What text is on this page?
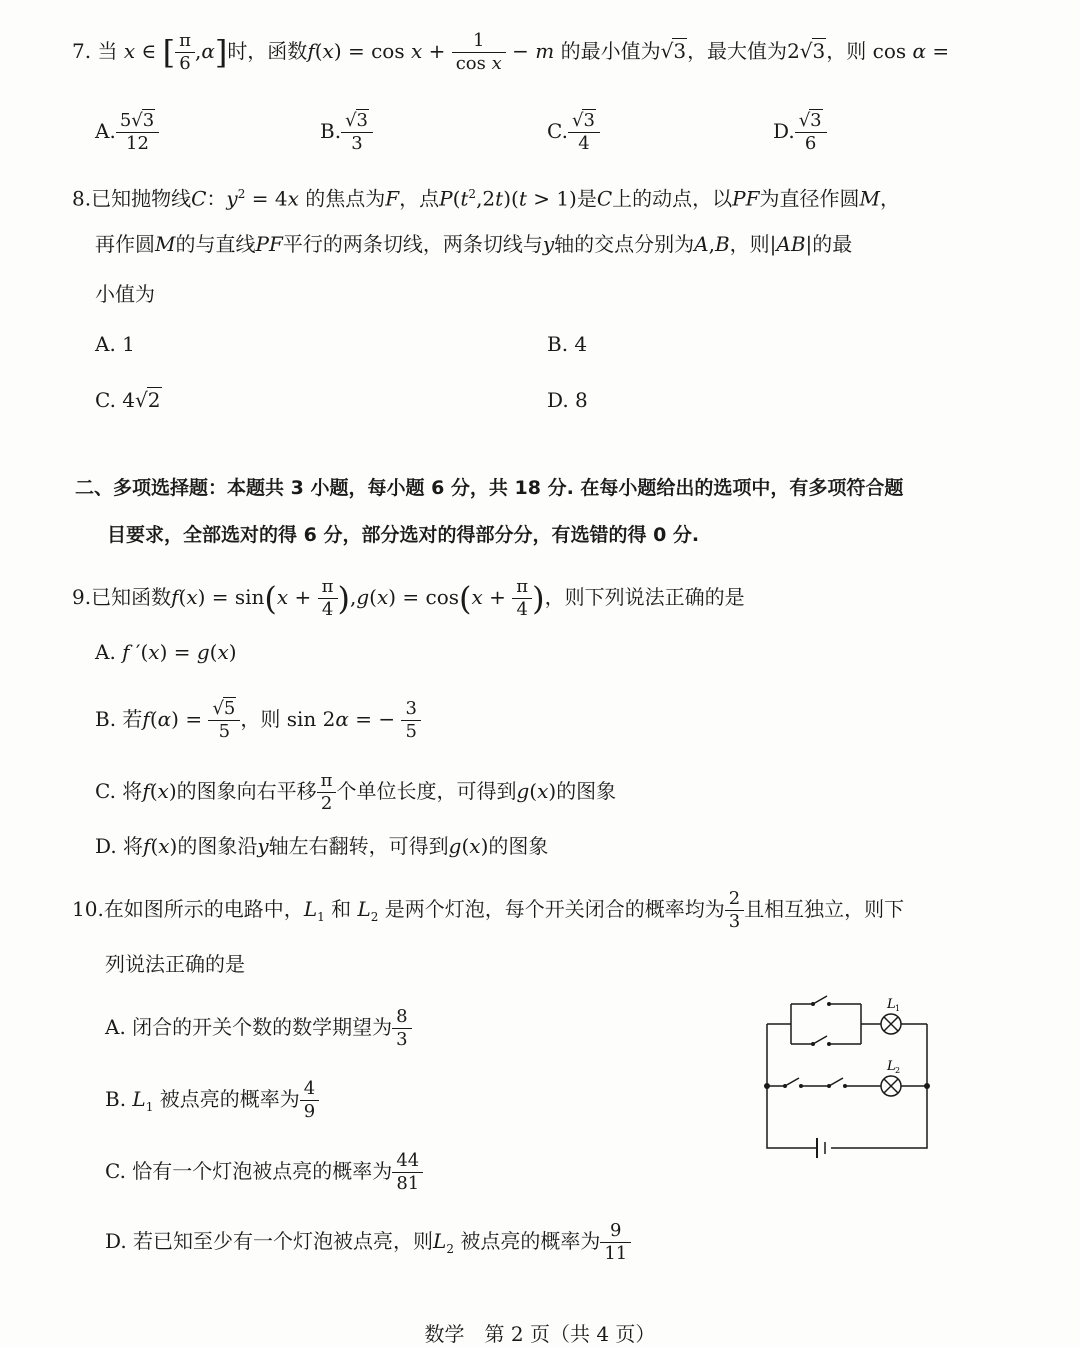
7. 当 x ∈ [ $\frac{\pi}{6} ,\alpha$]时，函数$f(x) = \cos x + \frac{1}{\text{cos x}} - m$ 的最小值为√3，最大值为2√3，则 cos α =
A. $\frac{5√3}{12}$	B. $\frac{√3}{3}$	C. $\frac{√3}{4}$	D. $\frac{√3}{6}$
8.已知抛物线C：$y^2 = 4x$ 的焦点为F，点$P(t^2,2t)(t > 1)$是C上的动点，以PF为直径作圆M，
再作圆M的与直线PF平行的两条切线，两条切线与y轴的交点分别为A,B，则|AB|的最
小值为
A. 1	B. 4
C. 4√2	D. 8
二、多项选择题：本题共 3 小题，每小题 6 分，共 18 分. 在每小题给出的选项中，有多项符合题
目要求，全部选对的得 6 分，部分选对的得部分分，有选错的得 0 分.
9.已知函数$f(x) = \sin(x + \frac{\pi}{4} ),g(x) = \cos(x + \frac{\pi}{4}$ )，则下列说法正确的是
A. f ′(x) = g(x)
B. 若$f(\alpha) = \frac{√5}{5}$ ，则 sin 2α = − $\frac{3}{5}$
C. 将f(x)的图象向右平移 $\frac{\pi}{2}$ 个单位长度，可得到g(x)的图象
D. 将f(x)的图象沿y轴左右翻转，可得到g(x)的图象
10.在如图所示的电路中，$L_1$ 和 $L_2$ 是两个灯泡，每个开关闭合的概率均为 $\frac{2}{3}$ 且相互独立，则下
列说法正确的是
A. 闭合的开关个数的数学期望为 $\frac{8}{3}$
B. $L_1$ 被点亮的概率为 $\frac{4}{9}$
C. 恰有一个灯泡被点亮的概率为 $\frac{44}{81}$
D. 若已知至少有一个灯泡被点亮，则$L_2$ 被点亮的概率为 $\frac{9}{11}$
L 1
L 2
数学　第 2 页（共 4 页）
